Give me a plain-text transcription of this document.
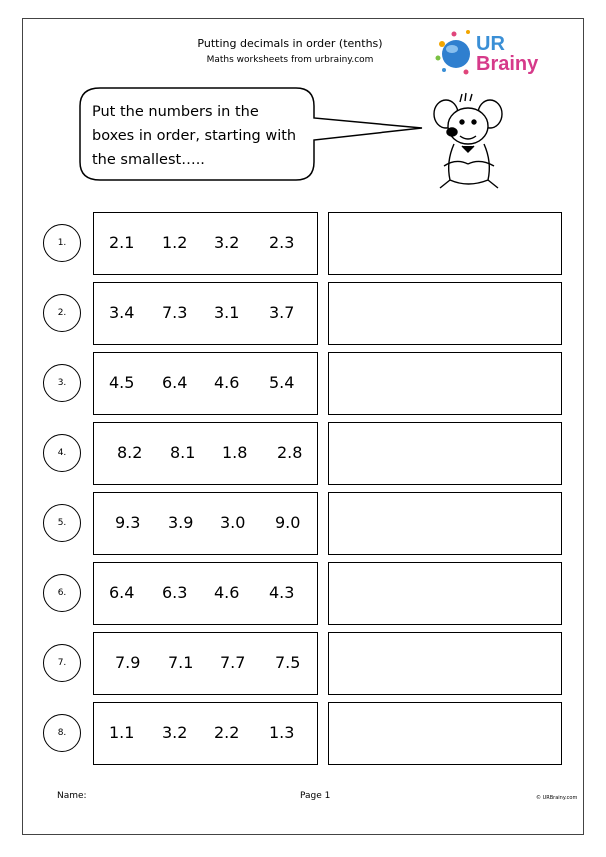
Putting decimals in order (tenths)
Maths worksheets from urbrainy.com
UR
Brainy
Put the numbers in the
boxes in order, starting with
the smallest…..
1.	2.1 1.2 3.2 2.3
2.	3.4 7.3 3.1 3.7
3.	4.5 6.4 4.6 5.4
4.	8.2 8.1 1.8 2.8
5.	9.3 3.9 3.0 9.0
6.	6.4 6.3 4.6 4.3
7.	7.9 7.1 7.7 7.5
8.	1.1 3.2 2.2 1.3
Name:	Page 1	© URBrainy.com
